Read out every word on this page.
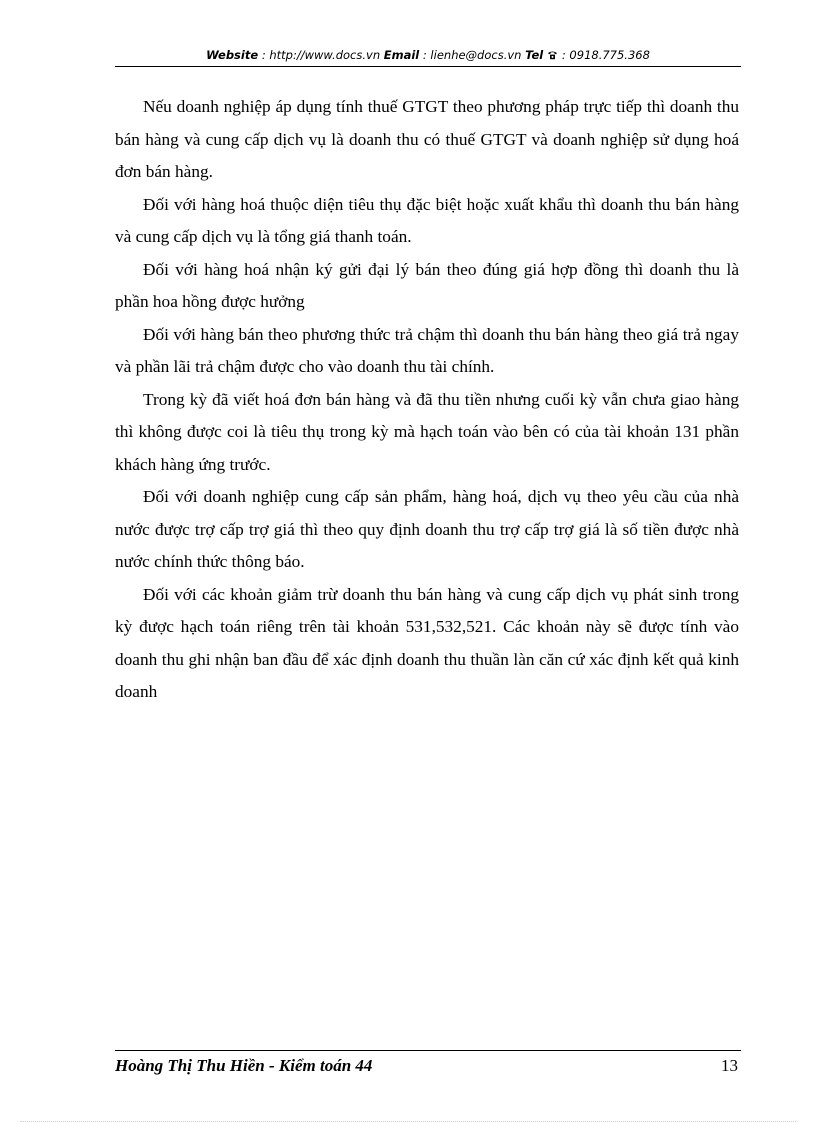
Website : http://www.docs.vn Email : lienhe@docs.vn Tel : 0918.775.368

Nếu doanh nghiệp áp dụng tính thuế GTGT theo phương pháp trực tiếp thì doanh thu bán hàng và cung cấp dịch vụ là doanh thu có thuế GTGT và doanh nghiệp sử dụng hoá đơn bán hàng.

Đối với hàng hoá thuộc diện tiêu thụ đặc biệt hoặc xuất khẩu thì doanh thu bán hàng và cung cấp dịch vụ là tổng giá thanh toán.

Đối với hàng hoá nhận ký gửi đại lý bán theo đúng giá hợp đồng thì doanh thu là phần hoa hồng được hưởng

Đối với hàng bán theo phương thức trả chậm thì doanh thu bán hàng theo giá trả ngay và phần lãi trả chậm được cho vào doanh thu tài chính.

Trong kỳ đã viết hoá đơn bán hàng và đã thu tiền nhưng cuối kỳ vẫn chưa giao hàng thì không được coi là tiêu thụ trong kỳ mà hạch toán vào bên có của tài khoản 131 phần khách hàng ứng trước.

Đối với doanh nghiệp cung cấp sản phẩm, hàng hoá, dịch vụ theo yêu cầu của nhà nước được trợ cấp trợ giá thì theo quy định doanh thu trợ cấp trợ giá là số tiền được nhà nước chính thức thông báo.

Đối với các khoản giảm trừ doanh thu bán hàng và cung cấp dịch vụ phát sinh trong kỳ được hạch toán riêng trên tài khoản 531,532,521. Các khoản này sẽ được tính vào doanh thu ghi nhận ban đầu để xác định doanh thu thuần làn căn cứ xác định kết quả kinh doanh

Hoàng Thị Thu Hiền - Kiểm toán 44	13
